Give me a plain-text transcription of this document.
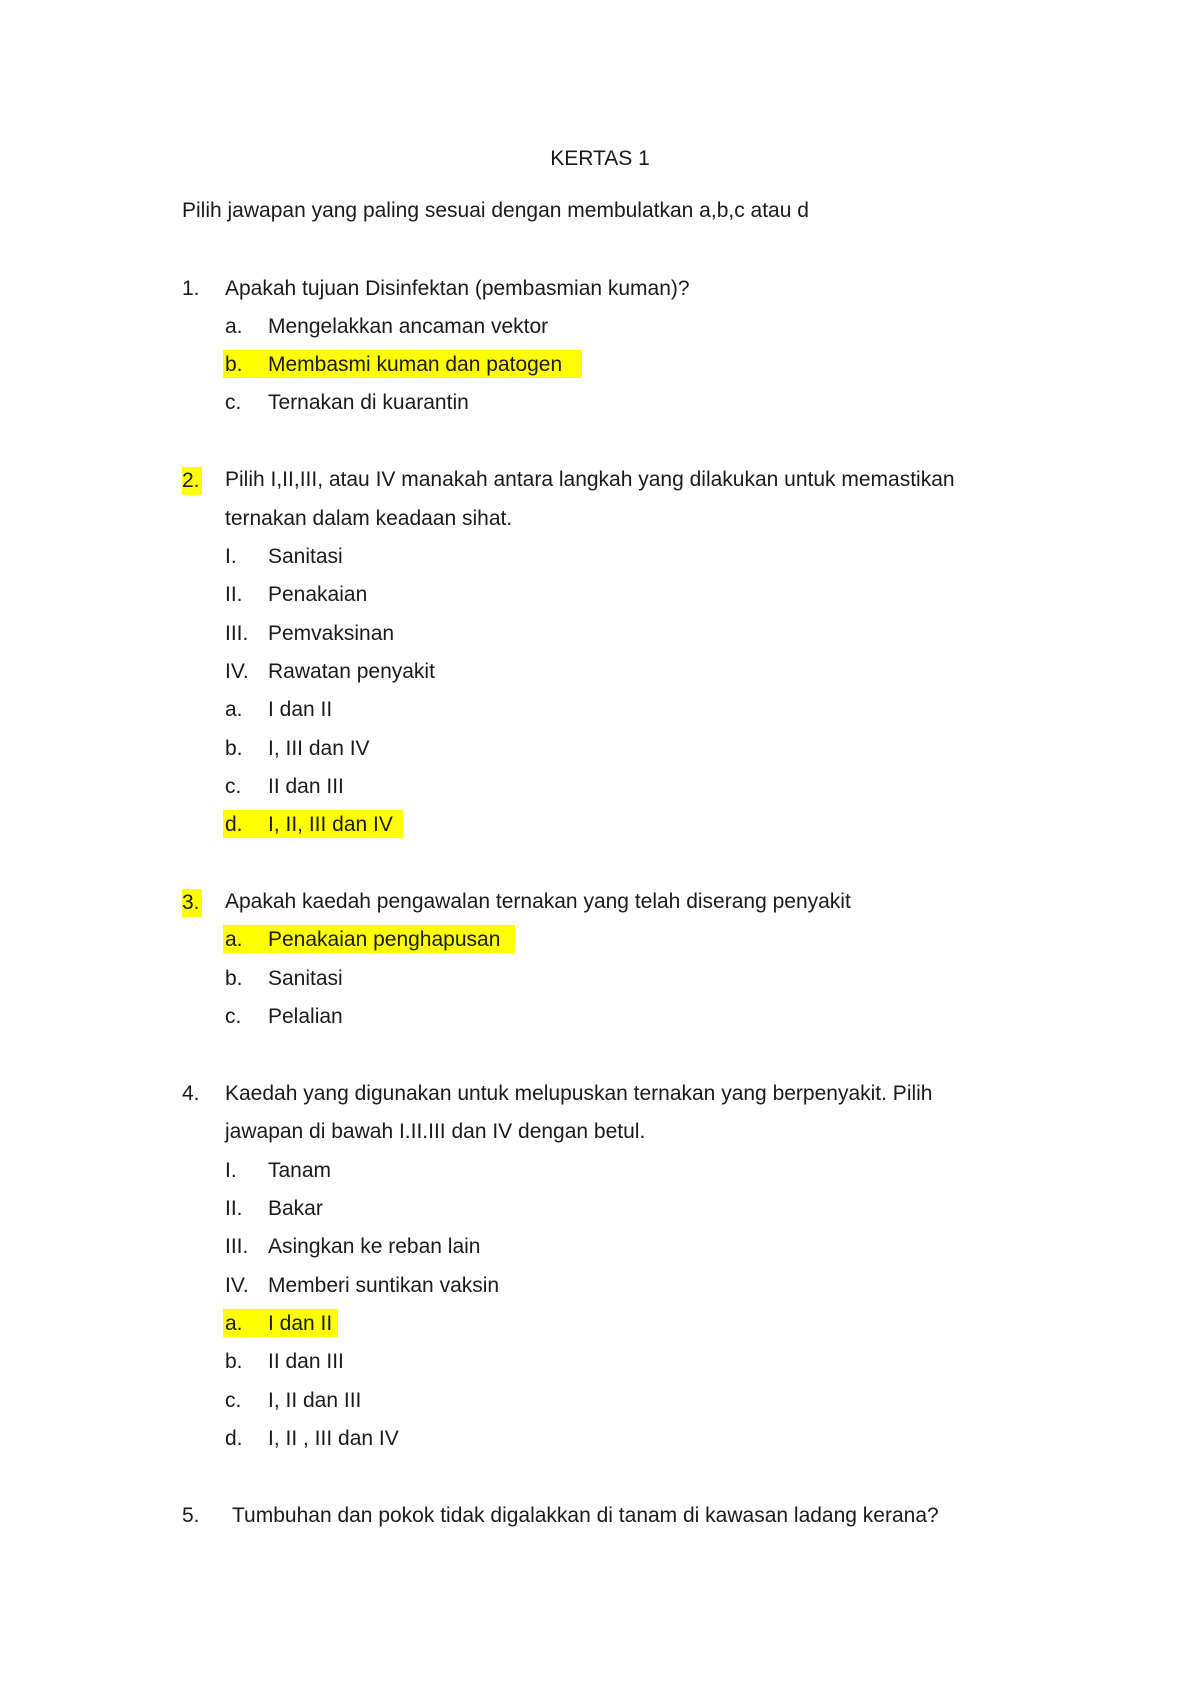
KERTAS 1
Pilih jawapan yang paling sesuai dengan membulatkan a,b,c atau d
1. Apakah tujuan Disinfektan (pembasmian kuman)?
a. Mengelakkan ancaman vektor
b. Membasmi kuman dan patogen
c. Ternakan di kuarantin
2. Pilih I,II,III, atau IV manakah antara langkah yang dilakukan untuk memastikan
ternakan dalam keadaan sihat.
I. Sanitasi
II. Penakaian
III. Pemvaksinan
IV. Rawatan penyakit
a. I dan II
b. I, III dan IV
c. II dan III
d. I, II, III dan IV
3. Apakah kaedah pengawalan ternakan yang telah diserang penyakit
a. Penakaian penghapusan
b. Sanitasi
c. Pelalian
4. Kaedah yang digunakan untuk melupuskan ternakan yang berpenyakit. Pilih
jawapan di bawah I.II.III dan IV dengan betul.
I. Tanam
II. Bakar
III. Asingkan ke reban lain
IV. Memberi suntikan vaksin
a. I dan II
b. II dan III
c. I, II dan III
d. I, II , III dan IV
5. Tumbuhan dan pokok tidak digalakkan di tanam di kawasan ladang kerana?
